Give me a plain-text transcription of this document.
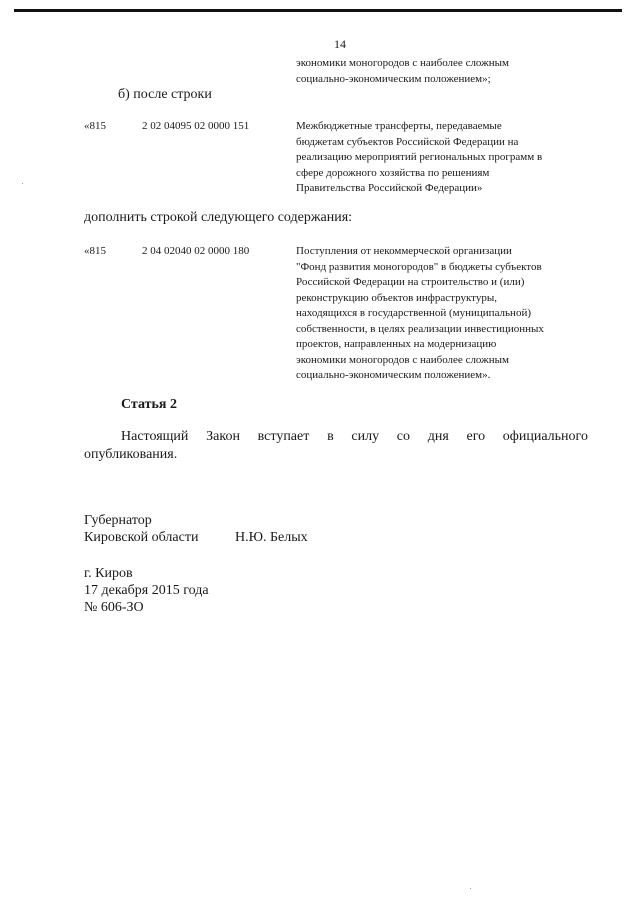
14
экономики моногородов с наиболее сложным
социально-экономическим положением»;
б) после строки
«815	2 02 04095 02 0000 151	Межбюджетные трансферты, передаваемые
бюджетам субъектов Российской Федерации на
реализацию мероприятий региональных программ в
сфере дорожного хозяйства по решениям
Правительства Российской Федерации»
дополнить строкой следующего содержания:
«815	2 04 02040 02 0000 180	Поступления от некоммерческой организации
"Фонд развития моногородов" в бюджеты субъектов
Российской Федерации на строительство и (или)
реконструкцию объектов инфраструктуры,
находящихся в государственной (муниципальной)
собственности, в целях реализации инвестиционных
проектов, направленных на модернизацию
экономики моногородов с наиболее сложным
социально-экономическим положением».
Статья 2
Настоящий Закон вступает в силу со дня его официального
опубликования.
Губернатор
Кировской области	Н.Ю. Белых
г. Киров
17 декабря 2015 года
№ 606-ЗО
